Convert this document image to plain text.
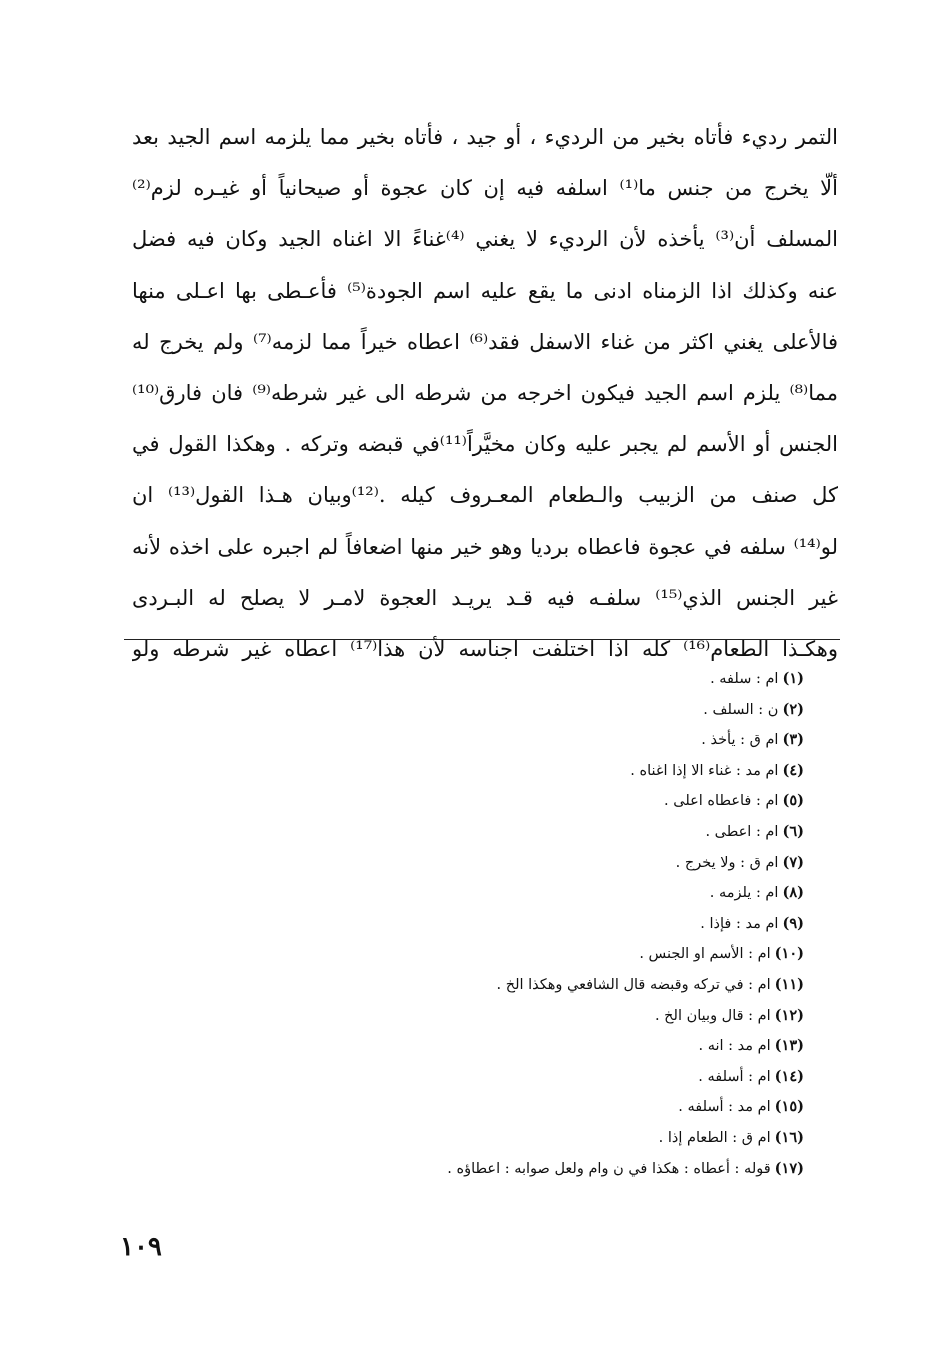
التمر رديء فأتاه بخير من الرديء ، أو جيد ، فأتاه بخير مما يلزمه اسم الجيد بعد
ألّا يخرج من جنس ما⁽¹⁾ اسلفه فيه إن كان عجوة أو صيحانياً أو غيـره لزم⁽²⁾
المسلف أن⁽³⁾ يأخذه لأن الرديء لا يغني ⁽⁴⁾غناءً الا اغناه الجيد وكان فيه فضل
عنه وكذلك اذا الزمناه ادنى ما يقع عليه اسم الجودة⁽⁵⁾ فأعـطى بها اعـلى منها
فالأعلى يغني اكثر من غناء الاسفل فقد⁽⁶⁾ اعطاه خيراً مما لزمه⁽⁷⁾ ولم يخرج له
مما⁽⁸⁾ يلزم اسم الجيد فيكون اخرجه من شرطه الى غير شرطه⁽⁹⁾ فان فارق⁽¹⁰⁾
الجنس أو الأسم لم يجبر عليه وكان مخيَّراً⁽¹¹⁾في قبضه وتركه . وهكذا القول في
كل صنف من الزبيب والـطعام المعـروف كيله .⁽¹²⁾وبيان هـذا القول⁽¹³⁾ ان
لو⁽¹⁴⁾ سلفه في عجوة فاعطاه برديا وهو خير منها اضعافاً لم اجبره على اخذه لأنه
غير الجنس الذي⁽¹⁵⁾ سلفـه فيه قـد يريـد العجوة لامـر لا يصلح له البـردى
وهكـذا الطعام⁽¹⁶⁾ كله اذا اختلفت اجناسه لأن هذا⁽¹⁷⁾ اعطاه غير شرطه ولو
(١)ام : سلفه .
(٢)ن : السلف .
(٣)ام ق : يأخذ .
(٤)ام مد : غناء الا إذا اغناه .
(٥)ام : فاعطاه اعلى .
(٦)ام : اعطى .
(٧)ام ق : ولا يخرج .
(٨)ام : يلزمه .
(٩)ام مد : فإذا .
(١٠)ام : الأسم او الجنس .
(١١)ام : في تركه وقبضه قال الشافعي وهكذا الخ .
(١٢)ام : قال وبيان الخ .
(١٣)ام مد : انه .
(١٤)ام : أسلفه .
(١٥)ام مد : أسلفه .
(١٦)ام ق : الطعام إذا .
(١٧)قوله : أعطاه : هكذا في ن وام ولعل صوابه : اعطاؤه .
١٠٩
